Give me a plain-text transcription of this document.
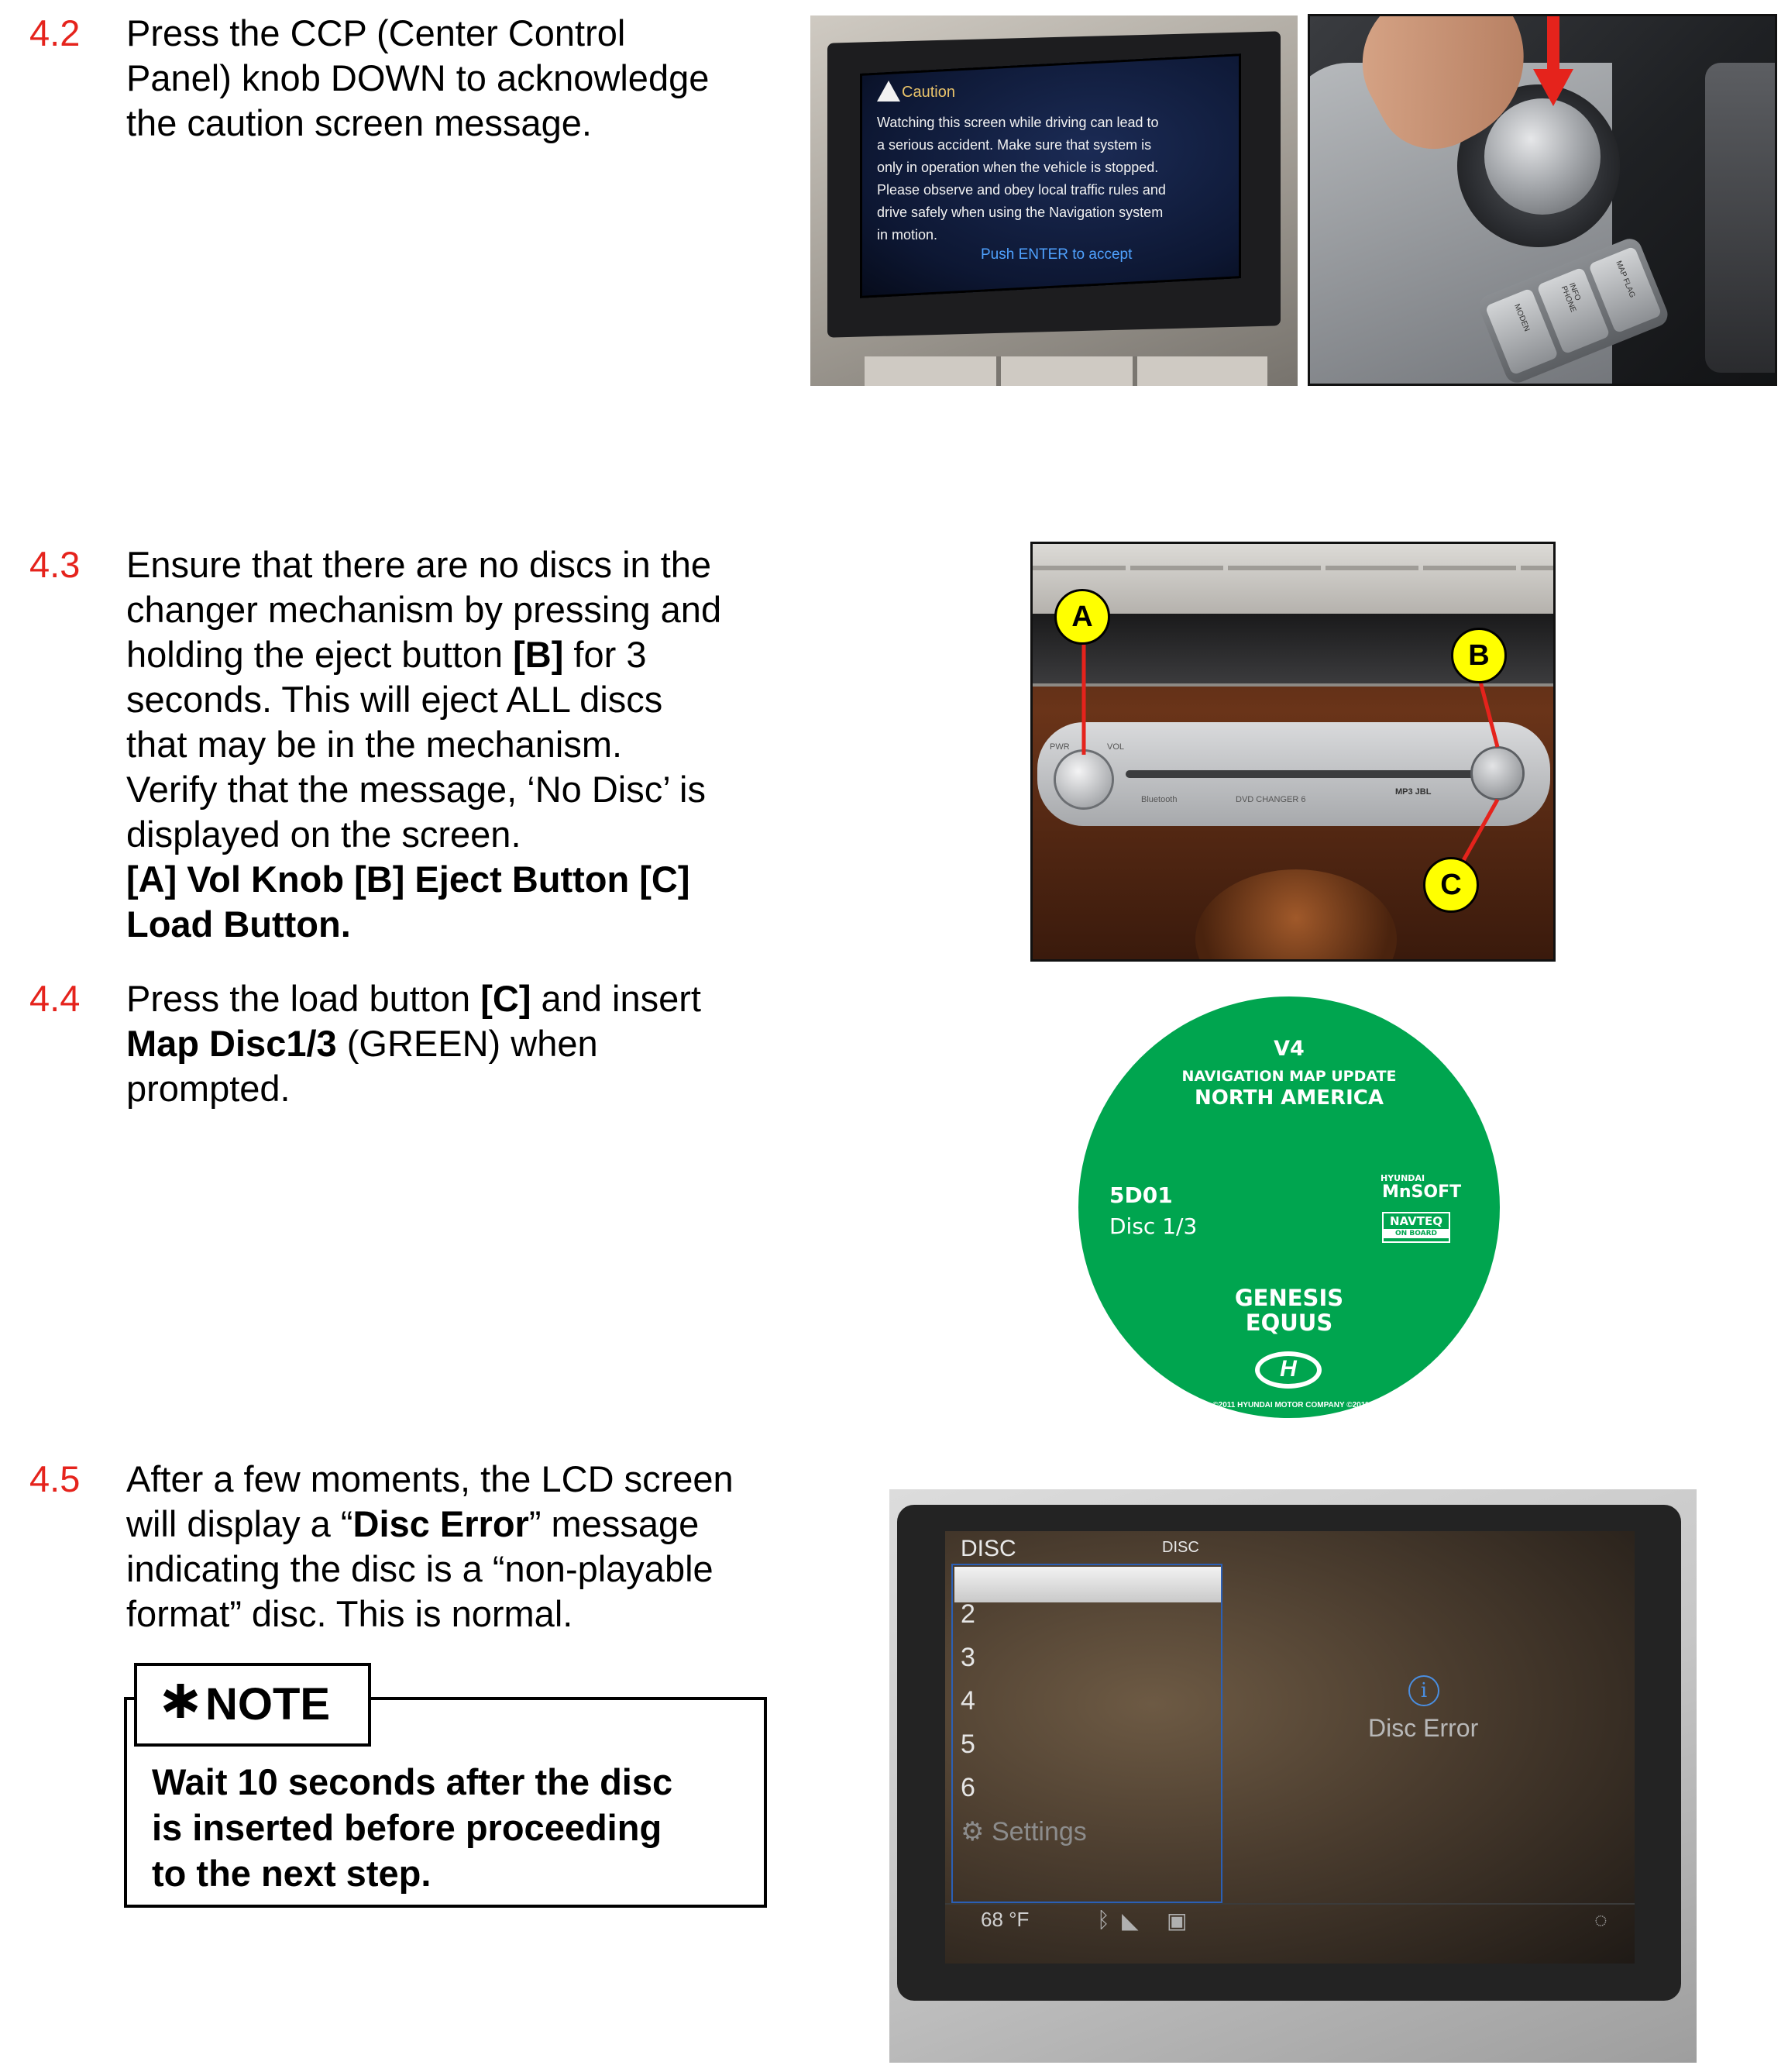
4.2 Press the CCP (Center Control

Panel) knob DOWN to acknowledge

the caution screen message.

4.3 Ensure that there are no discs in the

changer mechanism by pressing and

holding the eject button [B] for 3

seconds. This will eject ALL discs

that may be in the mechanism.

Verify that the message, ‘No Disc’ is

displayed on the screen.

[A] Vol Knob [B] Eject Button [C]

Load Button.

4.4 Press the load button [C] and insert

Map Disc1/3 (GREEN) when

prompted.

4.5 After a few moments, the LCD screen

will display a “Disc Error” message

indicating the disc is a “non-playable

format” disc. This is normal.

NOTE
Wait 10 seconds after the disc
is inserted before proceeding
to the next step.
Caution
Watching this screen while driving can lead to
a serious accident. Make sure that system is
only in operation when the vehicle is stopped.
Please observe and obey local traffic rules and
drive safely when using the Navigation system
in motion.
Push ENTER to accept
MODEN
INFO PHONE
MAP FLAG
PWR	VOL
Bluetooth	DVD CHANGER 6
MP3 JBL
A
B
C
V4
NAVIGATION MAP UPDATE
NORTH AMERICA
5D01
Disc 1/3
HYUNDAI
MnSOFT
NAVTEQ
ON BOARD
GENESIS
EQUUS
H
©2011 HYUNDAI MNSOFT INC. ©2011 HYUNDAI MOTOR COMPANY ©2011 NAVTEQ All Rights Reserved.
DISC	DISC
2
3
4
5
6
⚙ Settings
i
Disc Error
68 °F	ᛒ ◣ ▣	◌
